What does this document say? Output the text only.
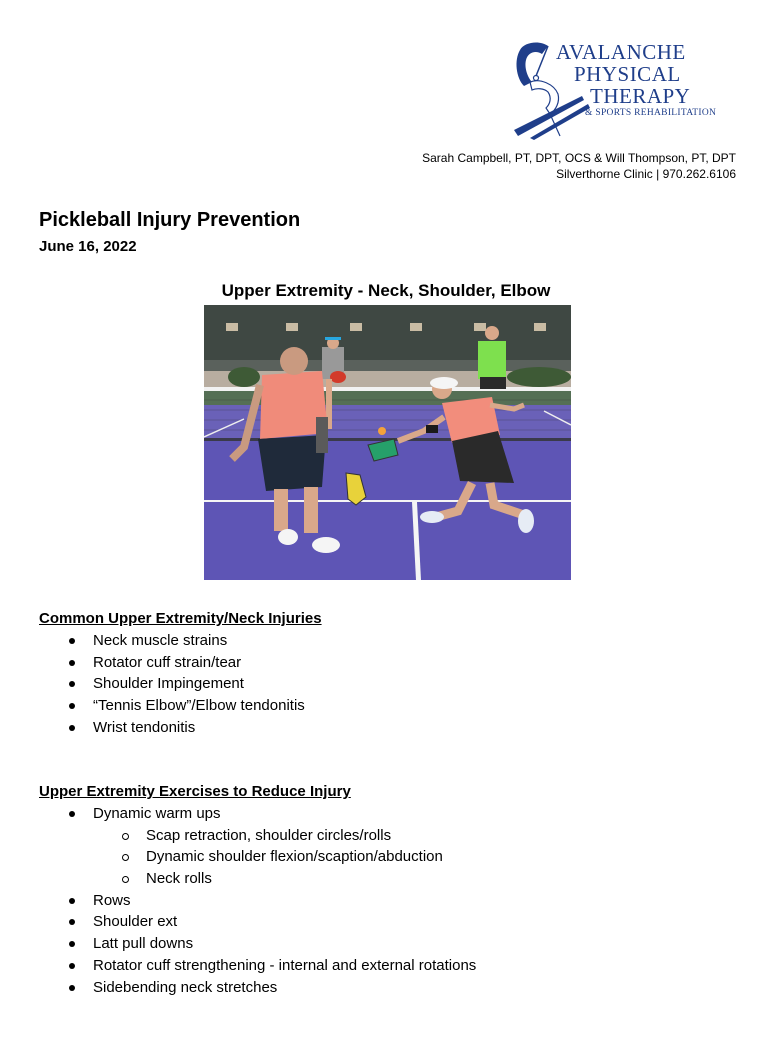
AVALANCHE
PHYSICAL
THERAPY
& SPORTS REHABILITATION
Sarah Campbell, PT, DPT, OCS & Will Thompson, PT, DPT
Silverthorne Clinic | 970.262.6106
Pickleball Injury Prevention
June 16, 2022
Upper Extremity - Neck, Shoulder, Elbow
Common Upper Extremity/Neck Injuries
Neck muscle strains
Rotator cuff strain/tear
Shoulder Impingement
“Tennis Elbow”/Elbow tendonitis
Wrist tendonitis
Upper Extremity Exercises to Reduce Injury
Dynamic warm ups
Scap retraction, shoulder circles/rolls
Dynamic shoulder flexion/scaption/abduction
Neck rolls
Rows
Shoulder ext
Latt pull downs
Rotator cuff strengthening - internal and external rotations
Sidebending neck stretches
